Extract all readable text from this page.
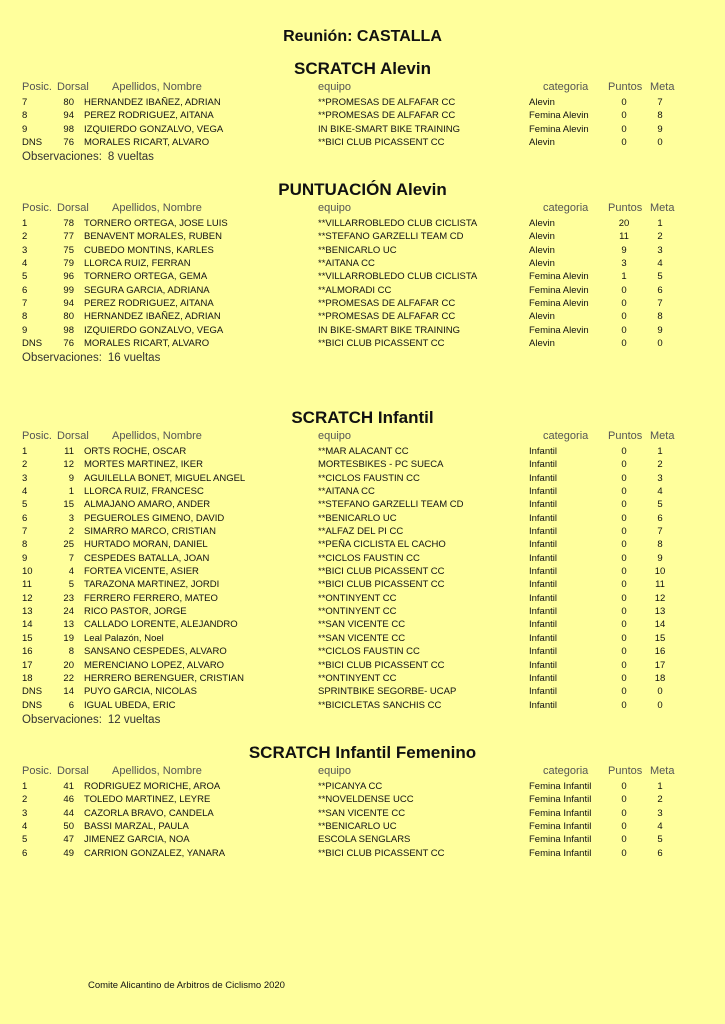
Reunión: CASTALLA
SCRATCH Alevin
Posic. Dorsal Apellidos, Nombre	equipo	categoria Puntos Meta
7	80 HERNANDEZ IBAÑEZ, ADRIAN	**PROMESAS DE ALFAFAR CC	Alevin	0	7
8	94 PEREZ RODRIGUEZ, AITANA	**PROMESAS DE ALFAFAR CC	Femina Alevin	0	8
9	98 IZQUIERDO GONZALVO, VEGA	IN BIKE-SMART BIKE TRAINING	Femina Alevin	0	9
DNS	76 MORALES RICART, ALVARO	**BICI CLUB PICASSENT CC	Alevin	0	0
Observaciones: 8 vueltas
PUNTUACIÓN Alevin
Posic. Dorsal Apellidos, Nombre	equipo	categoria Puntos Meta
1	78 TORNERO ORTEGA, JOSE LUIS	**VILLARROBLEDO CLUB CICLISTA	Alevin	20	1
2	77 BENAVENT MORALES, RUBEN	**STEFANO GARZELLI TEAM CD	Alevin	11	2
3	75 CUBEDO MONTINS, KARLES	**BENICARLO UC	Alevin	9	3
4	79 LLORCA RUIZ, FERRAN	**AITANA CC	Alevin	3	4
5	96 TORNERO ORTEGA, GEMA	**VILLARROBLEDO CLUB CICLISTA	Femina Alevin	1	5
6	99 SEGURA GARCIA, ADRIANA	**ALMORADI CC	Femina Alevin	0	6
7	94 PEREZ RODRIGUEZ, AITANA	**PROMESAS DE ALFAFAR CC	Femina Alevin	0	7
8	80 HERNANDEZ IBAÑEZ, ADRIAN	**PROMESAS DE ALFAFAR CC	Alevin	0	8
9	98 IZQUIERDO GONZALVO, VEGA	IN BIKE-SMART BIKE TRAINING	Femina Alevin	0	9
DNS	76 MORALES RICART, ALVARO	**BICI CLUB PICASSENT CC	Alevin	0	0
Observaciones: 16 vueltas
SCRATCH Infantil
Posic. Dorsal Apellidos, Nombre	equipo	categoria Puntos Meta
1	11 ORTS ROCHE, OSCAR	**MAR ALACANT CC	Infantil	0	1
2	12 MORTES MARTINEZ, IKER	MORTESBIKES - PC SUECA	Infantil	0	2
3	9 AGUILELLA BONET, MIGUEL ANGEL	**CICLOS FAUSTIN CC	Infantil	0	3
4	1 LLORCA RUIZ, FRANCESC	**AITANA CC	Infantil	0	4
5	15 ALMAJANO AMARO, ANDER	**STEFANO GARZELLI TEAM CD	Infantil	0	5
6	3 PEGUEROLES GIMENO, DAVID	**BENICARLO UC	Infantil	0	6
7	2 SIMARRO MARCO, CRISTIAN	**ALFAZ DEL PI CC	Infantil	0	7
8	25 HURTADO MORAN, DANIEL	**PEÑA CICLISTA EL CACHO	Infantil	0	8
9	7 CESPEDES BATALLA, JOAN	**CICLOS FAUSTIN CC	Infantil	0	9
10	4 FORTEA VICENTE, ASIER	**BICI CLUB PICASSENT CC	Infantil	0	10
11	5 TARAZONA MARTINEZ, JORDI	**BICI CLUB PICASSENT CC	Infantil	0	11
12	23 FERRERO FERRERO, MATEO	**ONTINYENT CC	Infantil	0	12
13	24 RICO PASTOR, JORGE	**ONTINYENT CC	Infantil	0	13
14	13 CALLADO LORENTE, ALEJANDRO	**SAN VICENTE CC	Infantil	0	14
15	19 Leal Palazón, Noel	**SAN VICENTE CC	Infantil	0	15
16	8 SANSANO CESPEDES, ALVARO	**CICLOS FAUSTIN CC	Infantil	0	16
17	20 MERENCIANO LOPEZ, ALVARO	**BICI CLUB PICASSENT CC	Infantil	0	17
18	22 HERRERO BERENGUER, CRISTIAN	**ONTINYENT CC	Infantil	0	18
DNS	14 PUYO GARCIA, NICOLAS	SPRINTBIKE SEGORBE- UCAP	Infantil	0	0
DNS	6 IGUAL UBEDA, ERIC	**BICICLETAS SANCHIS CC	Infantil	0	0
Observaciones: 12 vueltas
SCRATCH Infantil Femenino
Posic. Dorsal Apellidos, Nombre	equipo	categoria Puntos Meta
1	41 RODRIGUEZ MORICHE, AROA	**PICANYA CC	Femina Infantil	0	1
2	46 TOLEDO MARTINEZ, LEYRE	**NOVELDENSE UCC	Femina Infantil	0	2
3	44 CAZORLA BRAVO, CANDELA	**SAN VICENTE CC	Femina Infantil	0	3
4	50 BASSI MARZAL, PAULA	**BENICARLO UC	Femina Infantil	0	4
5	47 JIMENEZ GARCIA, NOA	ESCOLA SENGLARS	Femina Infantil	0	5
6	49 CARRION GONZALEZ, YANARA	**BICI CLUB PICASSENT CC	Femina Infantil	0	6
Comite Alicantino de Arbitros de Ciclismo 2020
